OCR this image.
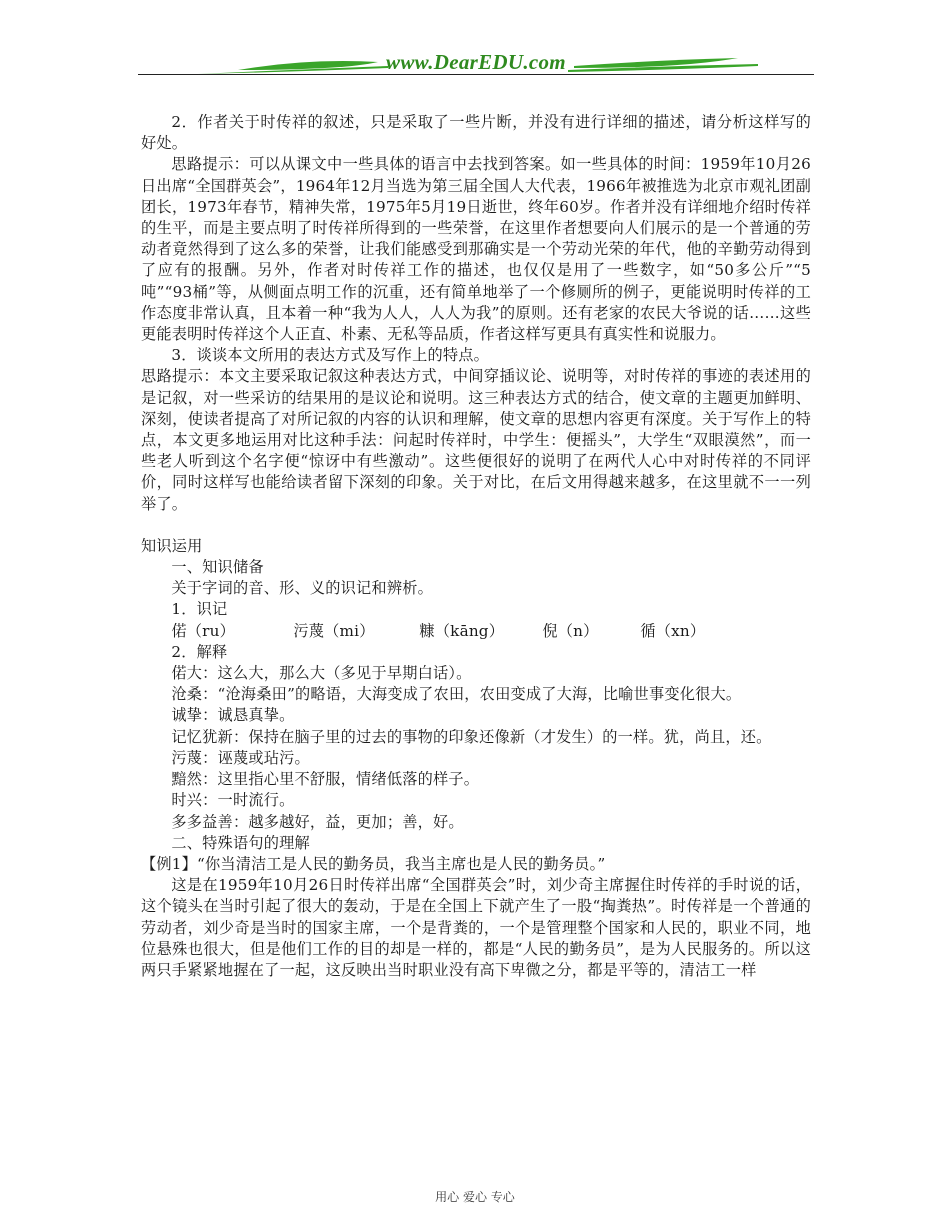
www.DearEDU.com

2．作者关于时传祥的叙述，只是采取了一些片断，并没有进行详细的描述，请分析这样写的好处。

思路提示：可以从课文中一些具体的语言中去找到答案。如一些具体的时间：1959年10月26日出席“全国群英会”，1964年12月当选为第三届全国人大代表，1966年被推选为北京市观礼团副团长，1973年春节，精神失常，1975年5月19日逝世，终年60岁。作者并没有详细地介绍时传祥的生平，而是主要点明了时传祥所得到的一些荣誉，在这里作者想要向人们展示的是一个普通的劳动者竟然得到了这么多的荣誉，让我们能感受到那确实是一个劳动光荣的年代，他的辛勤劳动得到了应有的报酬。另外，作者对时传祥工作的描述，也仅仅是用了一些数字，如“50多公斤”“5吨”“93桶”等，从侧面点明工作的沉重，还有简单地举了一个修厕所的例子，更能说明时传祥的工作态度非常认真，且本着一种“我为人人，人人为我”的原则。还有老家的农民大爷说的话……这些更能表明时传祥这个人正直、朴素、无私等品质，作者这样写更具有真实性和说服力。

3．谈谈本文所用的表达方式及写作上的特点。

思路提示：本文主要采取记叙这种表达方式，中间穿插议论、说明等，对时传祥的事迹的表述用的是记叙，对一些采访的结果用的是议论和说明。这三种表达方式的结合，使文章的主题更加鲜明、深刻，使读者提高了对所记叙的内容的认识和理解，使文章的思想内容更有深度。关于写作上的特点，本文更多地运用对比这种手法：问起时传祥时，中学生：便摇头”，大学生“双眼漠然”，而一些老人听到这个名字便“惊讶中有些激动”。这些便很好的说明了在两代人心中对时传祥的不同评价，同时这样写也能给读者留下深刻的印象。关于对比，在后文用得越来越多，在这里就不一一列举了。

知识运用

一、知识储备

关于字词的音、形、义的识记和辨析。

1．识记

偌（ru）	污蔑（mi）	糠（kāng）	倪（n）	循（xn）

2．解释

偌大：这么大，那么大（多见于早期白话）。

沧桑：“沧海桑田”的略语，大海变成了农田，农田变成了大海，比喻世事变化很大。

诚挚：诚恳真挚。

记忆犹新：保持在脑子里的过去的事物的印象还像新（才发生）的一样。犹，尚且，还。

污蔑：诬蔑或玷污。

黯然：这里指心里不舒服，情绪低落的样子。

时兴：一时流行。

多多益善：越多越好，益，更加；善，好。

二、特殊语句的理解

【例1】“你当清洁工是人民的勤务员，我当主席也是人民的勤务员。”

这是在1959年10月26日时传祥出席“全国群英会”时，刘少奇主席握住时传祥的手时说的话，这个镜头在当时引起了很大的轰动，于是在全国上下就产生了一股“掏粪热”。时传祥是一个普通的劳动者，刘少奇是当时的国家主席，一个是背粪的，一个是管理整个国家和人民的，职业不同，地位悬殊也很大，但是他们工作的目的却是一样的，都是“人民的勤务员”，是为人民服务的。所以这两只手紧紧地握在了一起，这反映出当时职业没有高下卑微之分，都是平等的，清洁工一样

用心 爱心 专心
